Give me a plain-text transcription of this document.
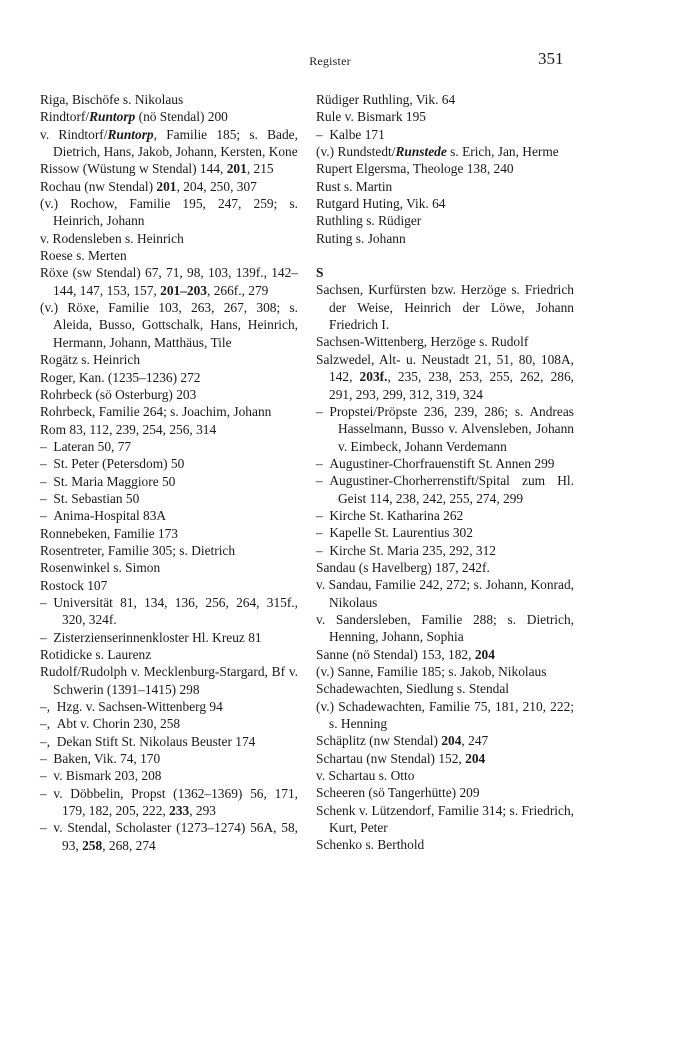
Register	351
Riga, Bischöfe s. Nikolaus
Rindtorf/Runtorp (nö Stendal) 200
v. Rindtorf/Runtorp, Familie 185; s. Bade, Dietrich, Hans, Jakob, Johann, Kersten, Kone
Rissow (Wüstung w Stendal) 144, 201, 215
Rochau (nw Stendal) 201, 204, 250, 307
(v.) Rochow, Familie 195, 247, 259; s. Heinrich, Johann
v. Rodensleben s. Heinrich
Roese s. Merten
Röxe (sw Stendal) 67, 71, 98, 103, 139f., 142–144, 147, 153, 157, 201–203, 266f., 279
(v.) Röxe, Familie 103, 263, 267, 308; s. Aleida, Busso, Gottschalk, Hans, Heinrich, Hermann, Johann, Matthäus, Tile
Rogätz s. Heinrich
Roger, Kan. (1235–1236) 272
Rohrbeck (sö Osterburg) 203
Rohrbeck, Familie 264; s. Joachim, Johann
Rom 83, 112, 239, 254, 256, 314
– Lateran 50, 77
– St. Peter (Petersdom) 50
– St. Maria Maggiore 50
– St. Sebastian 50
– Anima-Hospital 83A
Ronnebeken, Familie 173
Rosentreter, Familie 305; s. Dietrich
Rosenwinkel s. Simon
Rostock 107
– Universität 81, 134, 136, 256, 264, 315f., 320, 324f.
– Zisterzienserinnenkloster Hl. Kreuz 81
Rotidicke s. Laurenz
Rudolf/Rudolph v. Mecklenburg-Stargard, Bf v. Schwerin (1391–1415) 298
–, Hzg. v. Sachsen-Wittenberg 94
–, Abt v. Chorin 230, 258
–, Dekan Stift St. Nikolaus Beuster 174
– Baken, Vik. 74, 170
– v. Bismark 203, 208
– v. Döbbelin, Propst (1362–1369) 56, 171, 179, 182, 205, 222, 233, 293
– v. Stendal, Scholaster (1273–1274) 56A, 58, 93, 258, 268, 274
Rüdiger Ruthling, Vik. 64
Rule v. Bismark 195
– Kalbe 171
(v.) Rundstedt/Runstede s. Erich, Jan, Herme
Rupert Elgersma, Theologe 138, 240
Rust s. Martin
Rutgard Huting, Vik. 64
Ruthling s. Rüdiger
Ruting s. Johann
S
Sachsen, Kurfürsten bzw. Herzöge s. Friedrich der Weise, Heinrich der Löwe, Johann Friedrich I.
Sachsen-Wittenberg, Herzöge s. Rudolf
Salzwedel, Alt- u. Neustadt 21, 51, 80, 108A, 142, 203f., 235, 238, 253, 255, 262, 286, 291, 293, 299, 312, 319, 324
– Propstei/Pröpste 236, 239, 286; s. Andreas Hasselmann, Busso v. Alvensleben, Johann v. Eimbeck, Johann Verdemann
– Augustiner-Chorfrauenstift St. Annen 299
– Augustiner-Chorherrenstift/Spital zum Hl. Geist 114, 238, 242, 255, 274, 299
– Kirche St. Katharina 262
– Kapelle St. Laurentius 302
– Kirche St. Maria 235, 292, 312
Sandau (s Havelberg) 187, 242f.
v. Sandau, Familie 242, 272; s. Johann, Konrad, Nikolaus
v. Sandersleben, Familie 288; s. Dietrich, Henning, Johann, Sophia
Sanne (nö Stendal) 153, 182, 204
(v.) Sanne, Familie 185; s. Jakob, Nikolaus
Schadewachten, Siedlung s. Stendal
(v.) Schadewachten, Familie 75, 181, 210, 222; s. Henning
Schäplitz (nw Stendal) 204, 247
Schartau (nw Stendal) 152, 204
v. Schartau s. Otto
Scheeren (sö Tangerhütte) 209
Schenk v. Lützendorf, Familie 314; s. Friedrich, Kurt, Peter
Schenko s. Berthold
